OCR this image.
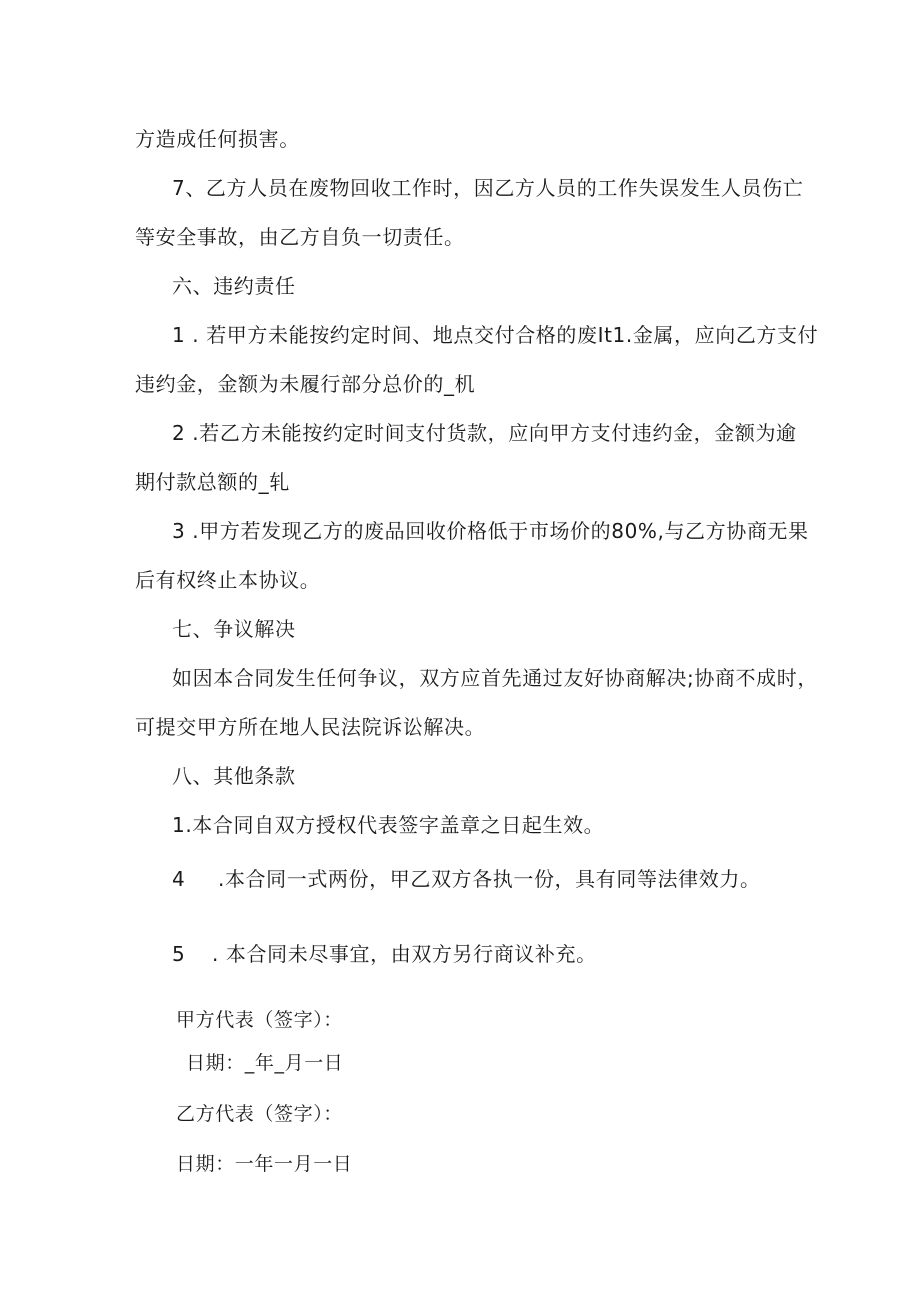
方造成任何损害。
7、乙方人员在废物回收工作时，因乙方人员的工作失误发生人员伤亡
等安全事故，由乙方自负一切责任。
六、违约责任
1 . 若甲方未能按约定时间、地点交付合格的废It1.金属，应向乙方支付
违约金，金额为未履行部分总价的_机
2 .若乙方未能按约定时间支付货款，应向甲方支付违约金，金额为逾
期付款总额的_轧
3 .甲方若发现乙方的废品回收价格低于市场价的80%,与乙方协商无果
后有权终止本协议。
七、争议解决
如因本合同发生任何争议，双方应首先通过友好协商解决;协商不成时，
可提交甲方所在地人民法院诉讼解决。
八、其他条款
1.本合同自双方授权代表签字盖章之日起生效。
4 .本合同一式两份，甲乙双方各执一份，具有同等法律效力。
5 . 本合同未尽事宜，由双方另行商议补充。
甲方代表（签字）：
日期：_年_月一日
乙方代表（签字）：
日期：一年一月一日
